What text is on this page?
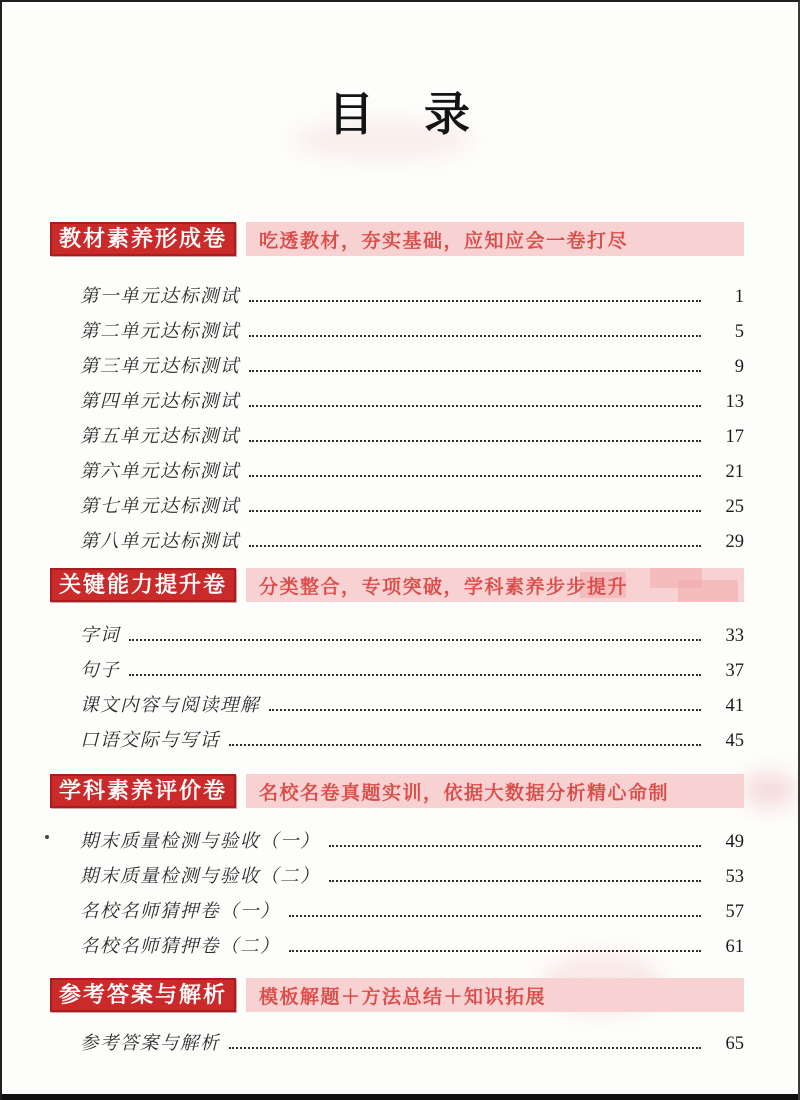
目　录
教材素养形成卷	吃透教材，夯实基础，应知应会一卷打尽
第一单元达标测试	1
第二单元达标测试	5
第三单元达标测试	9
第四单元达标测试	13
第五单元达标测试	17
第六单元达标测试	21
第七单元达标测试	25
第八单元达标测试	29
关键能力提升卷	分类整合，专项突破，学科素养步步提升
字词	33
句子	37
课文内容与阅读理解	41
口语交际与写话	45
学科素养评价卷	名校名卷真题实训，依据大数据分析精心命制
期末质量检测与验收（一）	49
期末质量检测与验收（二）	53
名校名师猜押卷（一）	57
名校名师猜押卷（二）	61
参考答案与解析	模板解题＋方法总结＋知识拓展
参考答案与解析	65
